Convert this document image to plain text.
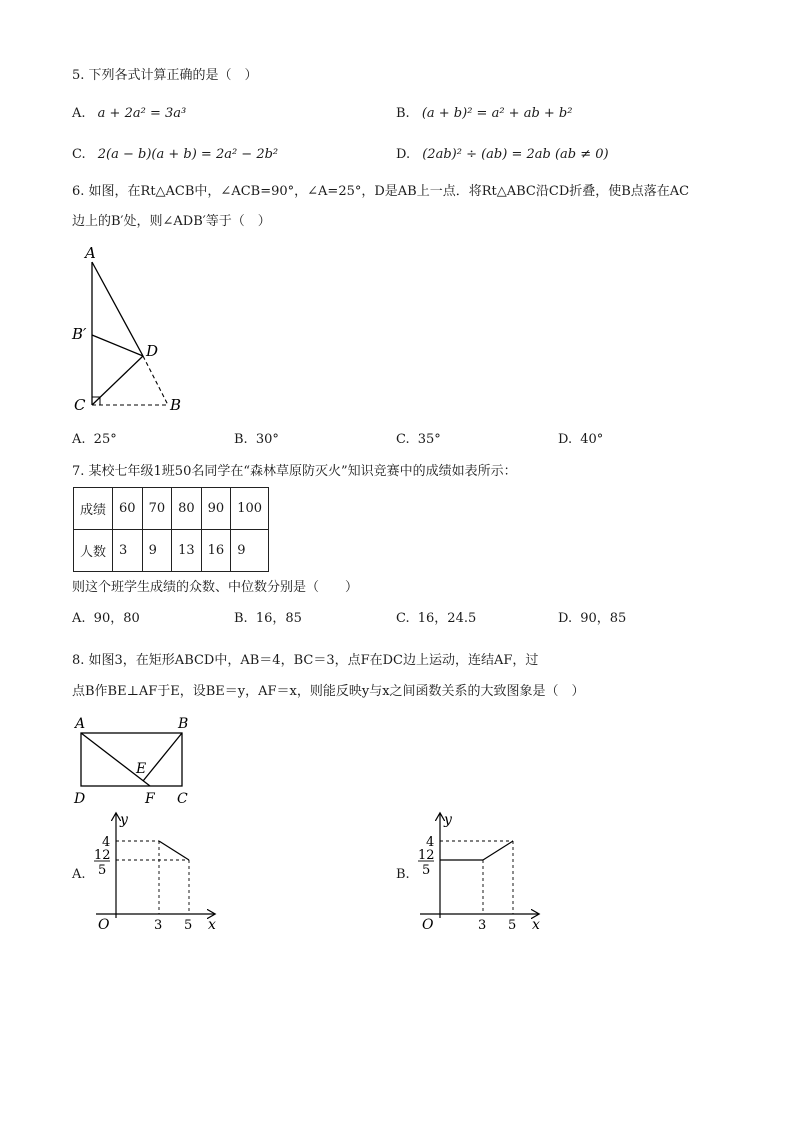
5. 下列各式计算正确的是（　）
A. a + 2a² = 3a³	B. (a + b)² = a² + ab + b²
C. 2(a − b)(a + b) = 2a² − 2b²	D. (2ab)² ÷ (ab) = 2ab (ab ≠ 0)
6. 如图，在Rt△ACB中，∠ACB=90°，∠A=25°，D是AB上一点．将Rt△ABC沿CD折叠，使B点落在AC
边上的B′处，则∠ADB′等于（　）
A
B′
D
C	B
A. 25°	B. 30°	C. 35°	D. 40°
7. 某校七年级1班50名同学在“森林草原防灭火”知识竞赛中的成绩如表所示：
成绩	60	70	80	90	100
人数	3	9	13	16	9
则这个班学生成绩的众数、中位数分别是（　　）
A. 90，80	B. 16，85	C. 16，24.5	D. 90，85
8. 如图3，在矩形ABCD中，AB＝4，BC＝3，点F在DC边上运动，连结AF，过
点B作BE⊥AF于E，设BE＝y，AF＝x，则能反映y与x之间函数关系的大致图象是（　）
A	B
E
D	F C
A.
y
4
12
5
O	3 5 x
B.
y
4
12
5
O	3 5 x
